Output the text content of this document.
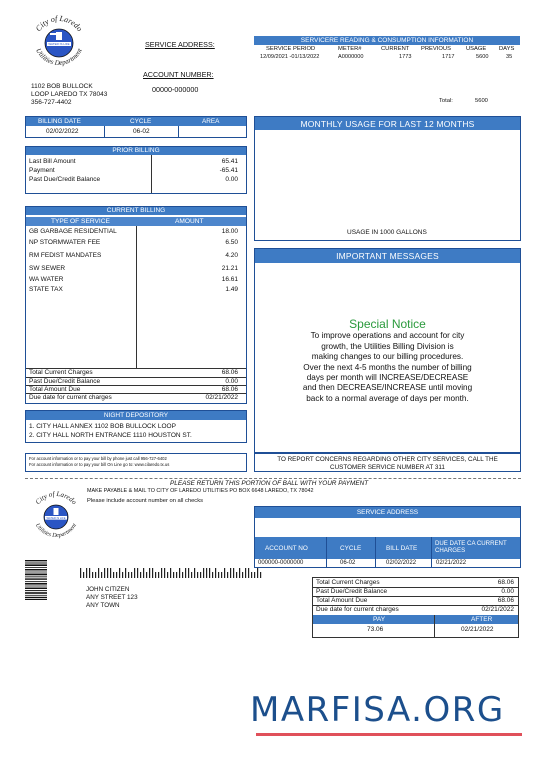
City of Laredo
Utilities Department
WATER IS LIFE	SERVICE ADDRESS:
ACCOUNT NUMBER:
00000-000000
1102 BOB BULLOCK
LOOP LAREDO TX 78043
356-727-4402
SERVICERE READING & CONSUMPTION INFORMATION
SERVICE PERIOD	METER#	CURRENT PREVIOUS	USAGE DAYS
12/09/2021 -01/13/2022	A0000000	1773	1717	5600	35
Total:	5600
BILLING DATE	CYCLE	AREA
02/02/2022	06-02
MONTHLY USAGE FOR LAST 12 MONTHS
USAGE IN 1000 GALLONS
PRIOR BILLING
Last Bill Amount	65.41
Payment	-65.41
Past Due/Credit Balance	0.00
CURRENT BILLING
TYPE OF SERVICE	AMOUNT
GB GARBAGE RESIDENTIAL	18.00
NP STORMWATER FEE	6.50
RM FEDIST MANDATES	4.20
SW SEWER	21.21
WA WATER	16.61
STATE TAX	1.49
Total Current Charges	68.06
Past Due/Credit Balance	0.00
Total Amount Due	68.06
Due date for current charges	02/21/2022
IMPORTANT MESSAGES
Special Notice
To improve operations and account for city
growth, the Utilities Billing Division is
making changes to our billing procedures.
Over the next 4-5 months the number of billing
days per month will INCREASE/DECREASE
and then DECREASE/INCREASE until moving
back to a normal average of days per month.
NIGHT DEPOSITORY
1. CITY HALL ANNEX 1102 BOB BULLOCK LOOP
2. CITY HALL NORTH ENTRANCE 1110 HOUSTON ST.
For account information or to pay your bill by phone just call 956-727-6402
For account information or to pay your bill On Line go to: www.cilaredo.tx.us
TO REPORT CONCERNS REGARDING OTHER CITY SERVICES, CALL THE
CUSTOMER SERVICE NUMBER AT 311
PLEASE RETURN THIS PORTION OF BALL WITH YOUR PAYMENT
City of Laredo
Utilities Department
WATER IS LIFE
MAKE PAYABLE & MAIL TO CITY OF LAREDO UTILITIES PO BOX 6648 LAREDO, TX 78042
Please include account number on all checks
SERVICE ADDRESS
ACCOUNT NO	CYCLE	BILL DATE
DUE DATE CA CURRENT CHARGES
000000-0000000	06-02	02/02/2022	02/21/2022
JOHN CITIZEN
ANY STREET 123
ANY TOWN
Total Current Charges	68.06
Past Due/Credit Balance	0.00
Total Amount Due	68.06
Due date for current charges	02/21/2022
PAY	AFTER
73.06	02/21/2022
MARFISA.ORG
